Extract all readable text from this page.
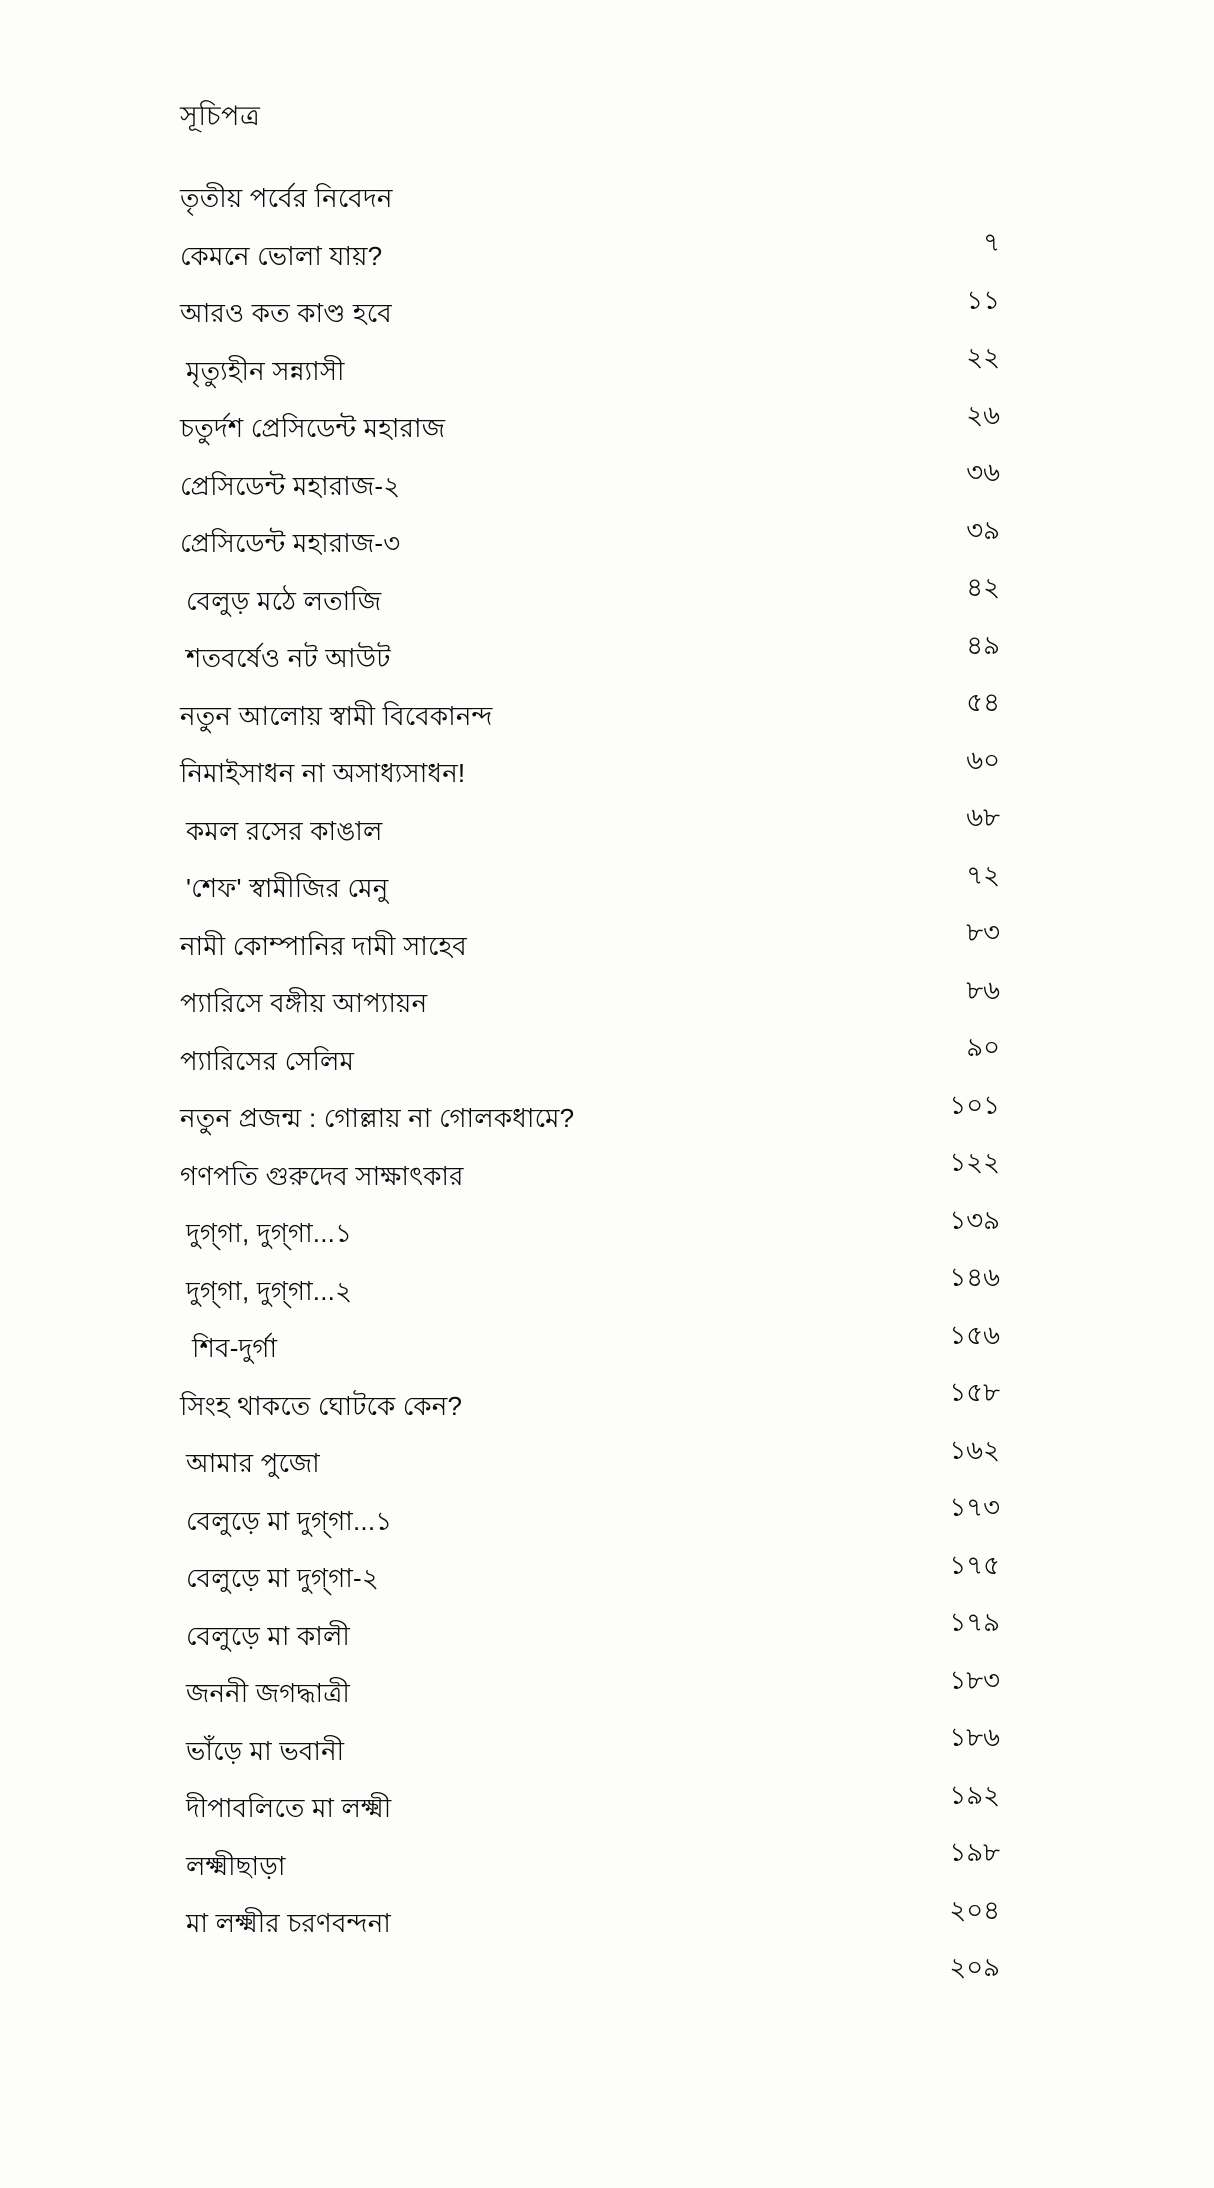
সূচিপত্র
তৃতীয় পর্বের নিবেদন
৭
কেমনে ভোলা যায়?
১১
আরও কত কাণ্ড হবে
২২
মৃত্যুহীন সন্ন্যাসী
২৬
চতুর্দশ প্রেসিডেন্ট মহারাজ
৩৬
প্রেসিডেন্ট মহারাজ-২
৩৯
প্রেসিডেন্ট মহারাজ-৩
৪২
বেলুড় মঠে লতাজি
৪৯
শতবর্ষেও নট আউট
৫৪
নতুন আলোয় স্বামী বিবেকানন্দ
৬০
নিমাইসাধন না অসাধ্যসাধন!
৬৮
কমল রসের কাঙাল
৭২
'শেফ' স্বামীজির মেনু
৮৩
নামী কোম্পানির দামী সাহেব
৮৬
প্যারিসে বঙ্গীয় আপ্যায়ন
৯০
প্যারিসের সেলিম
১০১
নতুন প্রজন্ম : গোল্লায় না গোলকধামে?
১২২
গণপতি গুরুদেব সাক্ষাৎকার
১৩৯
দুগ্‌গা, দুগ্‌গা...১
১৪৬
দুগ্‌গা, দুগ্‌গা...২
১৫৬
শিব-দুর্গা
১৫৮
সিংহ থাকতে ঘোটকে কেন?
১৬২
আমার পুজো
১৭৩
বেলুড়ে মা দুগ্‌গা...১
১৭৫
বেলুড়ে মা দুগ্‌গা-২
১৭৯
বেলুড়ে মা কালী
১৮৩
জননী জগদ্ধাত্রী
১৮৬
ভাঁড়ে মা ভবানী
১৯২
দীপাবলিতে মা লক্ষ্মী
১৯৮
লক্ষ্মীছাড়া
২০৪
মা লক্ষ্মীর চরণবন্দনা
২০৯
